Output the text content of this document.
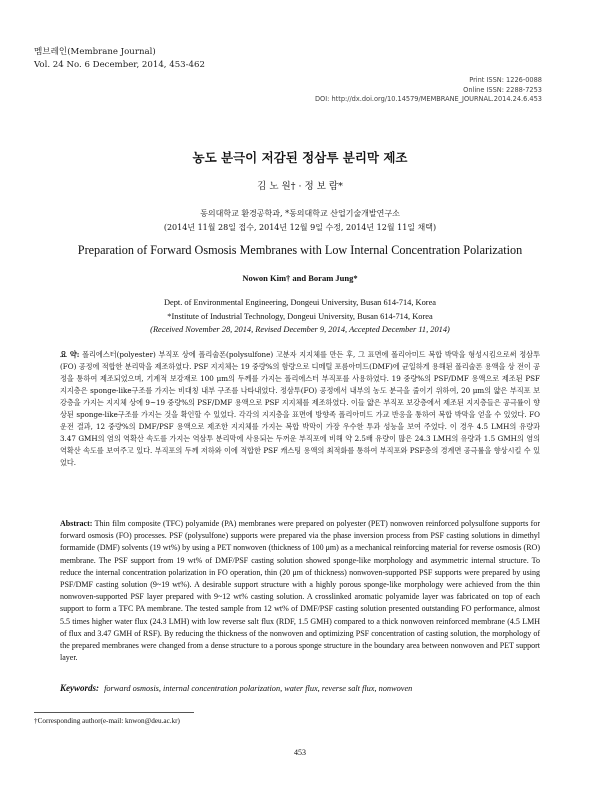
멤브레인(Membrane Journal)
Vol. 24 No. 6 December, 2014, 453-462
Print ISSN: 1226-0088
Online ISSN: 2288-7253
DOI: http://dx.doi.org/10.14579/MEMBRANE_JOURNAL.2014.24.6.453
농도 분극이 저감된 정삼투 분리막 제조
김 노 원† · 정 보 람*
동의대학교 환경공학과, *동의대학교 산업기술개발연구소
(2014년 11월 28일 접수, 2014년 12월 9일 수정, 2014년 12월 11일 채택)
Preparation of Forward Osmosis Membranes with Low Internal Concentration Polarization
Nowon Kim† and Boram Jung*
Dept. of Environmental Engineering, Dongeui University, Busan 614-714, Korea
*Institute of Industrial Technology, Dongeui University, Busan 614-714, Korea
(Received November 28, 2014, Revised December 9, 2014, Accepted December 11, 2014)
요 약: 폴리에스터(polyester) 부직포 상에 폴리술폰(polysulfone) 고분자 지지체를 만든 후, 그 표면에 폴리아미드 복합 박막을 형성시킴으로써 정삼투(FO) 공정에 적합한 분리막을 제조하였다. PSF 지지체는 19 중량%의 함량으로 디메틸 포름아미드(DMF)에 균일하게 용해된 폴리술폰 용액을 상 전이 공정을 통하여 제조되었으며, 기계적 보강재로 100 μm의 두께를 가지는 폴리에스터 부직포를 사용하였다. 19 중량%의 PSF/DMF 용액으로 제조된 PSF 지지층은 sponge-like구조를 가지는 비대칭 내부 구조를 나타내었다. 정삼투(FO) 공정에서 내부의 농도 분극을 줄이기 위하여, 20 μm의 얇은 부직포 보강층을 가지는 지지체 상에 9~19 중량%의 PSF/DMF 용액으로 PSF 지지체를 제조하였다. 이들 얇은 부직포 보강층에서 제조된 지지층들은 공극률이 향상된 sponge-like구조를 가지는 것을 확인할 수 있었다. 각각의 지지층을 표면에 방향족 폴리아미드 가교 반응을 통하여 복합 박막을 얻을 수 있었다. FO 운전 결과, 12 중량%의 DMF/PSF 용액으로 제조한 지지체를 가지는 복합 박막이 가장 우수한 투과 성능을 보여 주었다. 이 경우 4.5 LMH의 유량과 3.47 GMH의 염의 역확산 속도를 가지는 역삼투 분리막에 사용되는 두꺼운 부직포에 비해 약 2.5배 유량이 많은 24.3 LMH의 유량과 1.5 GMH의 염의 역확산 속도를 보여주고 있다. 부직포의 두께 저하와 이에 적합한 PSF 캐스팅 용액의 최적화를 통하여 부직포와 PSF층의 경계면 공극률을 향상시킬 수 있었다.
Abstract: Thin film composite (TFC) polyamide (PA) membranes were prepared on polyester (PET) nonwoven reinforced polysulfone supports for forward osmosis (FO) processes. PSF (polysulfone) supports were prepared via the phase inversion process from PSF casting solutions in dimethyl formamide (DMF) solvents (19 wt%) by using a PET nonwoven (thickness of 100 μm) as a mechanical reinforcing material for reverse osmosis (RO) membrane. The PSF support from 19 wt% of DMF/PSF casting solution showed sponge-like morphology and asymmetric internal structure. To reduce the internal concentration polarization in FO operation, thin (20 μm of thickness) nonwoven-supported PSF supports were prepared by using PSF/DMF casting solution (9~19 wt%). A desirable support structure with a highly porous sponge-like morphology were achieved from the thin nonwoven-supported PSF layer prepared with 9~12 wt% casting solution. A crosslinked aromatic polyamide layer was fabricated on top of each support to form a TFC PA membrane. The tested sample from 12 wt% of DMF/PSF casting solution presented outstanding FO performance, almost 5.5 times higher water flux (24.3 LMH) with low reverse salt flux (RDF, 1.5 GMH) compared to a thick nonwoven reinforced membrane (4.5 LMH of flux and 3.47 GMH of RSF). By reducing the thickness of the nonwoven and optimizing PSF concentration of casting solution, the morphology of the prepared membranes were changed from a dense structure to a porous sponge structure in the boundary area between nonwoven and PET support layer.
Keywords: forward osmosis, internal concentration polarization, water flux, reverse salt flux, nonwoven
†Corresponding author(e-mail: knwon@deu.ac.kr)
453
